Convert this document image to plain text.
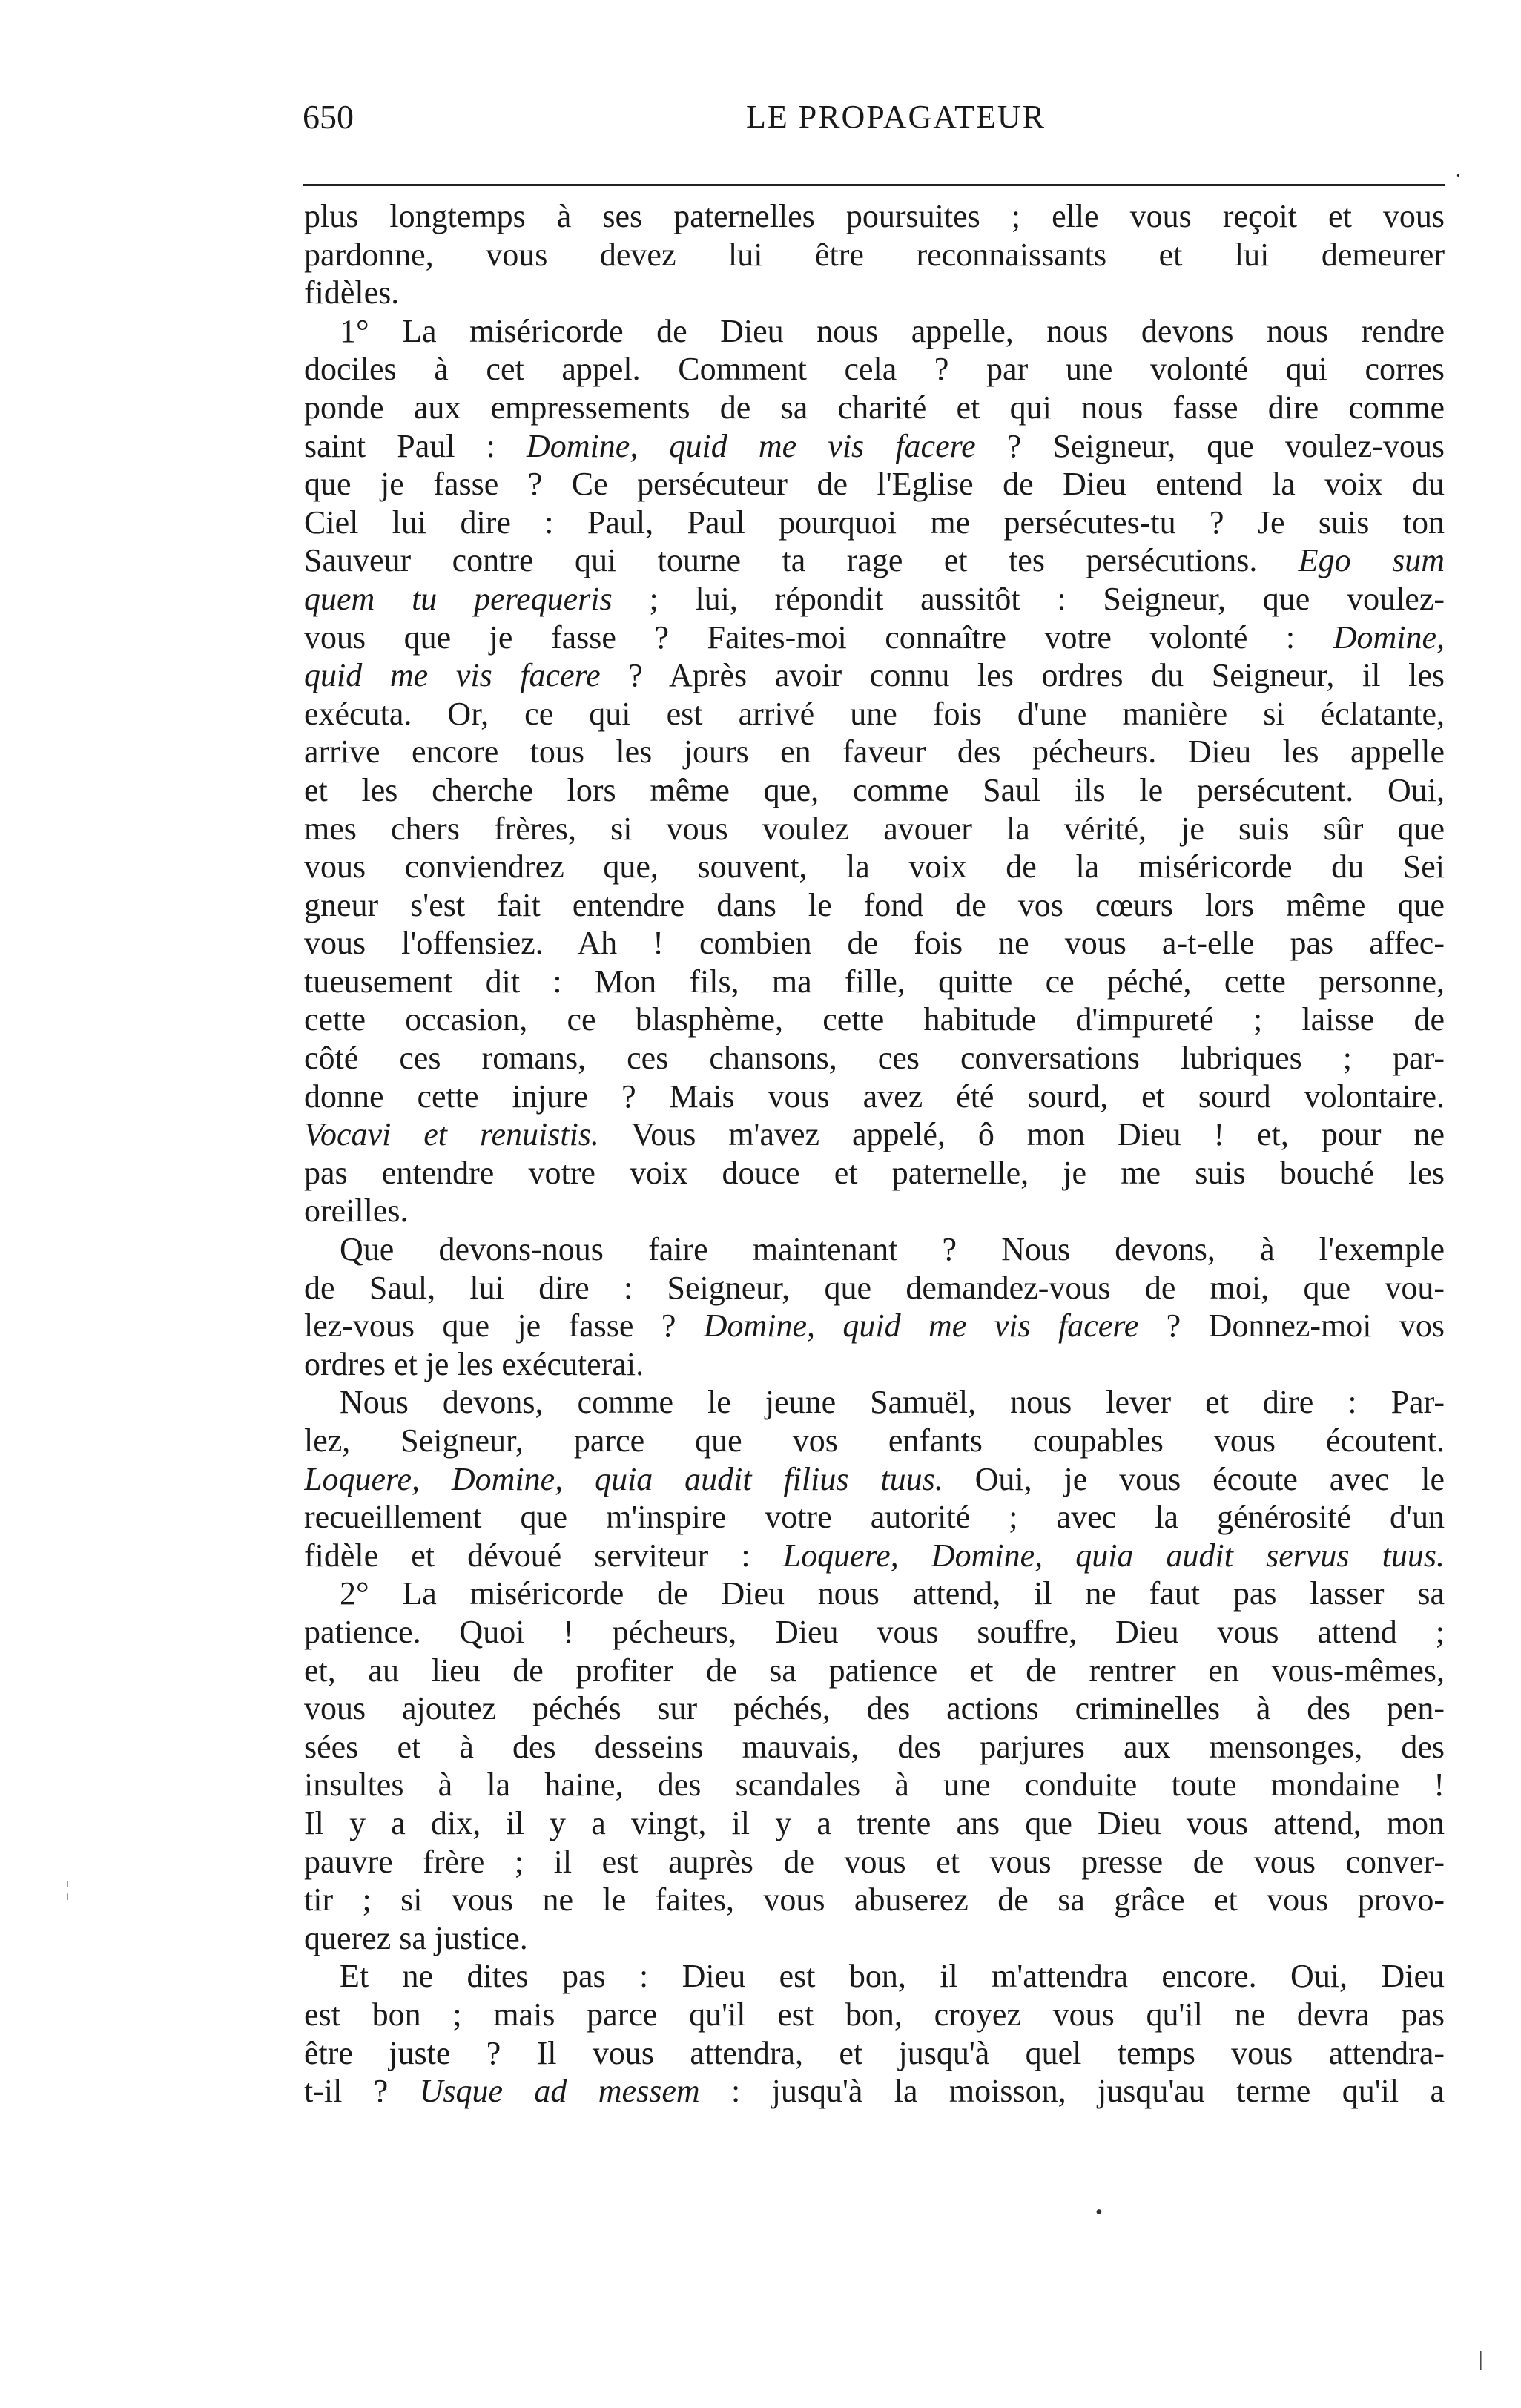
650	LE PROPAGATEUR
·
plus longtemps à ses paternelles poursuites ; elle vous reçoit et vous
pardonne, vous devez lui être reconnaissants et lui demeurer
fidèles.
1° La miséricorde de Dieu nous appelle, nous devons nous rendre
dociles à cet appel. Comment cela ? par une volonté qui corres
ponde aux empressements de sa charité et qui nous fasse dire comme
saint Paul : Domine, quid me vis facere ? Seigneur, que voulez-vous
que je fasse ? Ce persécuteur de l'Eglise de Dieu entend la voix du
Ciel lui dire : Paul, Paul pourquoi me persécutes-tu ? Je suis ton
Sauveur contre qui tourne ta rage et tes persécutions. Ego sum
quem tu perequeris ; lui, répondit aussitôt : Seigneur, que voulez-
vous que je fasse ? Faites-moi connaître votre volonté : Domine,
quid me vis facere ? Après avoir connu les ordres du Seigneur, il les
exécuta. Or, ce qui est arrivé une fois d'une manière si éclatante,
arrive encore tous les jours en faveur des pécheurs. Dieu les appelle
et les cherche lors même que, comme Saul ils le persécutent. Oui,
mes chers frères, si vous voulez avouer la vérité, je suis sûr que
vous conviendrez que, souvent, la voix de la miséricorde du Sei
gneur s'est fait entendre dans le fond de vos cœurs lors même que
vous l'offensiez. Ah ! combien de fois ne vous a-t-elle pas affec-
tueusement dit : Mon fils, ma fille, quitte ce péché, cette personne,
cette occasion, ce blasphème, cette habitude d'impureté ; laisse de
côté ces romans, ces chansons, ces conversations lubriques ; par-
donne cette injure ? Mais vous avez été sourd, et sourd volontaire.
Vocavi et renuistis. Vous m'avez appelé, ô mon Dieu ! et, pour ne
pas entendre votre voix douce et paternelle, je me suis bouché les
oreilles.
Que devons-nous faire maintenant ? Nous devons, à l'exemple
de Saul, lui dire : Seigneur, que demandez-vous de moi, que vou-
lez-vous que je fasse ? Domine, quid me vis facere ? Donnez-moi vos
ordres et je les exécuterai.
Nous devons, comme le jeune Samuël, nous lever et dire : Par-
lez, Seigneur, parce que vos enfants coupables vous écoutent.
Loquere, Domine, quia audit filius tuus. Oui, je vous écoute avec le
recueillement que m'inspire votre autorité ; avec la générosité d'un
fidèle et dévoué serviteur : Loquere, Domine, quia audit servus tuus.
2° La miséricorde de Dieu nous attend, il ne faut pas lasser sa
patience. Quoi ! pécheurs, Dieu vous souffre, Dieu vous attend ;
et, au lieu de profiter de sa patience et de rentrer en vous-mêmes,
vous ajoutez péchés sur péchés, des actions criminelles à des pen-
sées et à des desseins mauvais, des parjures aux mensonges, des
insultes à la haine, des scandales à une conduite toute mondaine !
Il y a dix, il y a vingt, il y a trente ans que Dieu vous attend, mon
pauvre frère ; il est auprès de vous et vous presse de vous conver-
tir ; si vous ne le faites, vous abuserez de sa grâce et vous provo-
querez sa justice.
Et ne dites pas : Dieu est bon, il m'attendra encore. Oui, Dieu
est bon ; mais parce qu'il est bon, croyez vous qu'il ne devra pas
être juste ? Il vous attendra, et jusqu'à quel temps vous attendra-
t-il ? Usque ad messem : jusqu'à la moisson, jusqu'au terme qu'il a
¦
•
|
